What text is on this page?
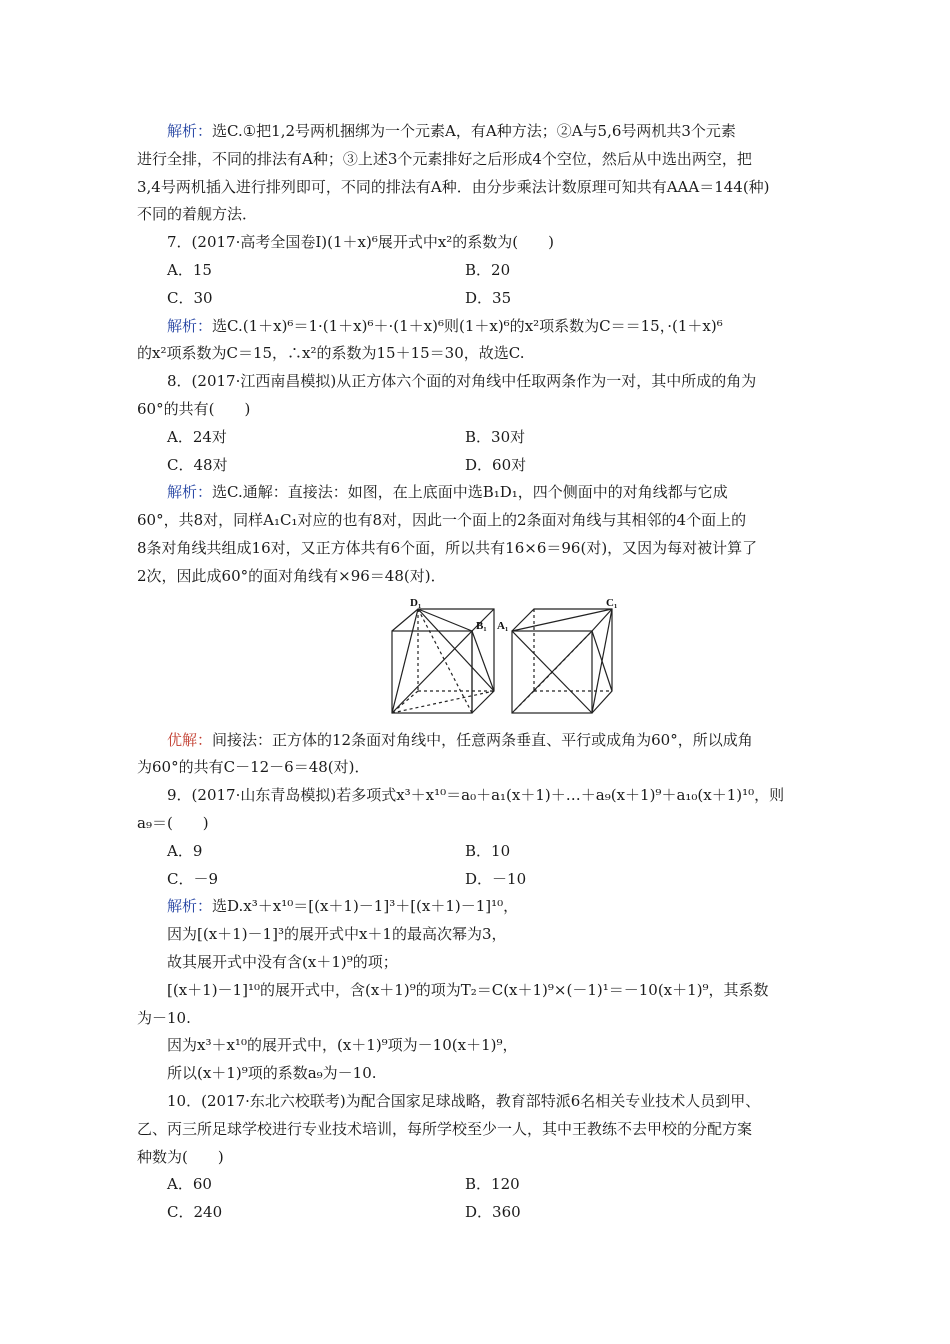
解析：选C.①把1,2号两机捆绑为一个元素A，有A种方法；②A与5,6号两机共3个元素
进行全排，不同的排法有A种；③上述3个元素排好之后形成4个空位，然后从中选出两空，把
3,4号两机插入进行排列即可，不同的排法有A种．由分步乘法计数原理可知共有AAA＝144(种)
不同的着舰方法．
7．(2017·高考全国卷Ⅰ)(1＋x)⁶展开式中x²的系数为(　　)
A．15	B．20
C．30	D．35
解析：选C.(1＋x)⁶＝1·(1＋x)⁶＋·(1＋x)⁶则(1＋x)⁶的x²项系数为C＝＝15，·(1＋x)⁶
的x²项系数为C＝15，∴x²的系数为15＋15＝30，故选C.
8．(2017·江西南昌模拟)从正方体六个面的对角线中任取两条作为一对，其中所成的角为
60°的共有(　　)
A．24对	B．30对
C．48对	D．60对
解析：选C.通解：直接法：如图，在上底面中选B₁D₁，四个侧面中的对角线都与它成
60°，共8对，同样A₁C₁对应的也有8对，因此一个面上的2条面对角线与其相邻的4个面上的
8条对角线共组成16对，又正方体共有6个面，所以共有16×6＝96(对)，又因为每对被计算了
2次，因此成60°的面对角线有×96＝48(对)．
D₁
B₁ A₁
C₁
优解：间接法：正方体的12条面对角线中，任意两条垂直、平行或成角为60°，所以成角
为60°的共有C－12－6＝48(对)．
9．(2017·山东青岛模拟)若多项式x³＋x¹⁰＝a₀＋a₁(x＋1)＋…＋a₉(x＋1)⁹＋a₁₀(x＋1)¹⁰，则
a₉＝(　　)
A．9	B．10
C．－9	D．－10
解析：选D.x³＋x¹⁰＝[(x＋1)－1]³＋[(x＋1)－1]¹⁰，
因为[(x＋1)－1]³的展开式中x＋1的最高次幂为3，
故其展开式中没有含(x＋1)⁹的项；
[(x＋1)－1]¹⁰的展开式中，含(x＋1)⁹的项为T₂＝C(x＋1)⁹×(－1)¹＝－10(x＋1)⁹，其系数
为－10.
因为x³＋x¹⁰的展开式中，(x＋1)⁹项为－10(x＋1)⁹，
所以(x＋1)⁹项的系数a₉为－10.
10．(2017·东北六校联考)为配合国家足球战略，教育部特派6名相关专业技术人员到甲、
乙、丙三所足球学校进行专业技术培训，每所学校至少一人，其中王教练不去甲校的分配方案
种数为(　　)
A．60	B．120
C．240	D．360
